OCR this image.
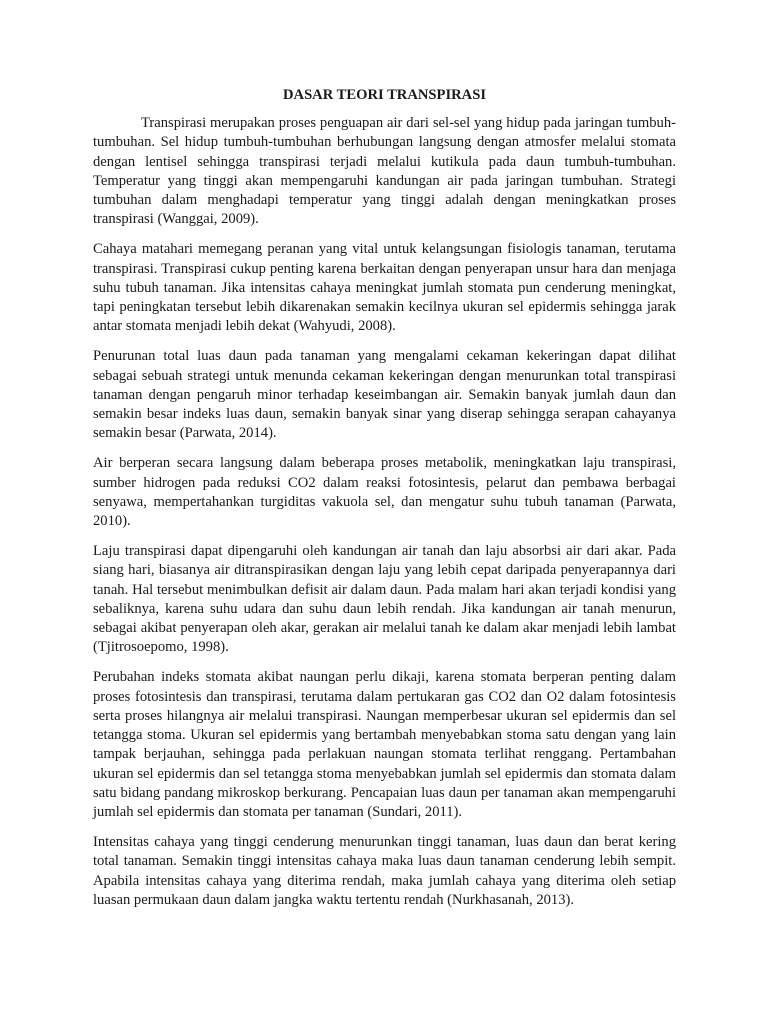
DASAR TEORI TRANSPIRASI

Transpirasi merupakan proses penguapan air dari sel-sel yang hidup pada jaringan tumbuh-tumbuhan. Sel hidup tumbuh-tumbuhan berhubungan langsung dengan atmosfer melalui stomata dengan lentisel sehingga transpirasi terjadi melalui kutikula pada daun tumbuh-tumbuhan. Temperatur yang tinggi akan mempengaruhi kandungan air pada jaringan tumbuhan. Strategi tumbuhan dalam menghadapi temperatur yang tinggi adalah dengan meningkatkan proses transpirasi (Wanggai, 2009).

Cahaya matahari memegang peranan yang vital untuk kelangsungan fisiologis tanaman, terutama transpirasi. Transpirasi cukup penting karena berkaitan dengan penyerapan unsur hara dan menjaga suhu tubuh tanaman. Jika intensitas cahaya meningkat jumlah stomata pun cenderung meningkat, tapi peningkatan tersebut lebih dikarenakan semakin kecilnya ukuran sel epidermis sehingga jarak antar stomata menjadi lebih dekat (Wahyudi, 2008).

Penurunan total luas daun pada tanaman yang mengalami cekaman kekeringan dapat dilihat sebagai sebuah strategi untuk menunda cekaman kekeringan dengan menurunkan total transpirasi tanaman dengan pengaruh minor terhadap keseimbangan air. Semakin banyak jumlah daun dan semakin besar indeks luas daun, semakin banyak sinar yang diserap sehingga serapan cahayanya semakin besar (Parwata, 2014).

Air berperan secara langsung dalam beberapa proses metabolik, meningkatkan laju transpirasi, sumber hidrogen pada reduksi CO2 dalam reaksi fotosintesis, pelarut dan pembawa berbagai senyawa, mempertahankan turgiditas vakuola sel, dan mengatur suhu tubuh tanaman (Parwata, 2010).

Laju transpirasi dapat dipengaruhi oleh kandungan air tanah dan laju absorbsi air dari akar. Pada siang hari, biasanya air ditranspirasikan dengan laju yang lebih cepat daripada penyerapannya dari tanah. Hal tersebut menimbulkan defisit air dalam daun. Pada malam hari akan terjadi kondisi yang sebaliknya, karena suhu udara dan suhu daun lebih rendah. Jika kandungan air tanah menurun, sebagai akibat penyerapan oleh akar, gerakan air melalui tanah ke dalam akar menjadi lebih lambat (Tjitrosoepomo, 1998).

Perubahan indeks stomata akibat naungan perlu dikaji, karena stomata berperan penting dalam proses fotosintesis dan transpirasi, terutama dalam pertukaran gas CO2 dan O2 dalam fotosintesis serta proses hilangnya air melalui transpirasi. Naungan memperbesar ukuran sel epidermis dan sel tetangga stoma. Ukuran sel epidermis yang bertambah menyebabkan stoma satu dengan yang lain tampak berjauhan, sehingga pada perlakuan naungan stomata terlihat renggang. Pertambahan ukuran sel epidermis dan sel tetangga stoma menyebabkan jumlah sel epidermis dan stomata dalam satu bidang pandang mikroskop berkurang. Pencapaian luas daun per tanaman akan mempengaruhi jumlah sel epidermis dan stomata per tanaman (Sundari, 2011).

Intensitas cahaya yang tinggi cenderung menurunkan tinggi tanaman, luas daun dan berat kering total tanaman. Semakin tinggi intensitas cahaya maka luas daun tanaman cenderung lebih sempit. Apabila intensitas cahaya yang diterima rendah, maka jumlah cahaya yang diterima oleh setiap luasan permukaan daun dalam jangka waktu tertentu rendah (Nurkhasanah, 2013).
